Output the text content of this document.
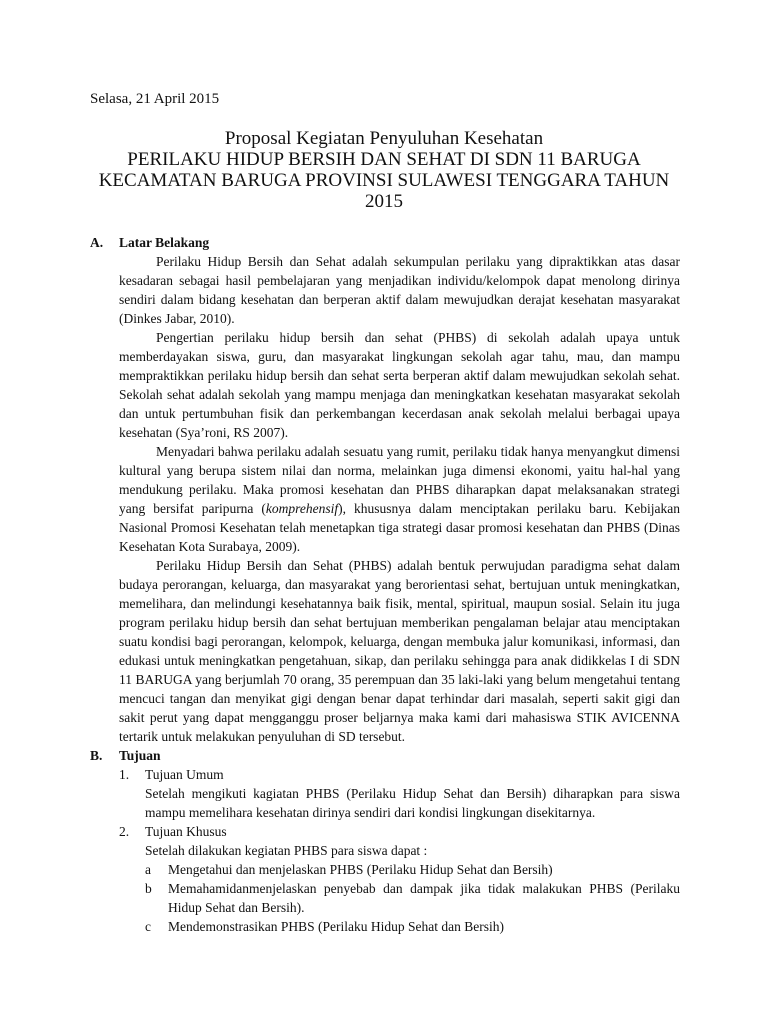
Selasa, 21 April 2015
Proposal Kegiatan Penyuluhan Kesehatan
PERILAKU HIDUP BERSIH DAN SEHAT DI SDN 11 BARUGA KECAMATAN BARUGA PROVINSI SULAWESI TENGGARA TAHUN 2015
A.	Latar Belakang
Perilaku Hidup Bersih dan Sehat adalah sekumpulan perilaku yang dipraktikkan atas dasar kesadaran sebagai hasil pembelajaran yang menjadikan individu/kelompok dapat menolong dirinya sendiri dalam bidang kesehatan dan berperan aktif dalam mewujudkan derajat kesehatan masyarakat (Dinkes Jabar, 2010).
Pengertian perilaku hidup bersih dan sehat (PHBS) di sekolah adalah upaya untuk memberdayakan siswa, guru, dan masyarakat lingkungan sekolah agar tahu, mau, dan mampu mempraktikkan perilaku hidup bersih dan sehat serta berperan aktif dalam mewujudkan sekolah sehat. Sekolah sehat adalah sekolah yang mampu menjaga dan meningkatkan kesehatan masyarakat sekolah dan untuk pertumbuhan fisik dan perkembangan kecerdasan anak sekolah melalui berbagai upaya kesehatan (Sya’roni, RS 2007).
Menyadari bahwa perilaku adalah sesuatu yang rumit, perilaku tidak hanya menyangkut dimensi kultural yang berupa sistem nilai dan norma, melainkan juga dimensi ekonomi, yaitu hal-hal yang mendukung perilaku. Maka promosi kesehatan dan PHBS diharapkan dapat melaksanakan strategi yang bersifat paripurna (komprehensif), khususnya dalam menciptakan perilaku baru. Kebijakan Nasional Promosi Kesehatan telah menetapkan tiga strategi dasar promosi kesehatan dan PHBS (Dinas Kesehatan Kota Surabaya, 2009).
Perilaku Hidup Bersih dan Sehat (PHBS) adalah bentuk perwujudan paradigma sehat dalam budaya perorangan, keluarga, dan masyarakat yang berorientasi sehat, bertujuan untuk meningkatkan, memelihara, dan melindungi kesehatannya baik fisik, mental, spiritual, maupun sosial. Selain itu juga program perilaku hidup bersih dan sehat bertujuan memberikan pengalaman belajar atau menciptakan suatu kondisi bagi perorangan, kelompok, keluarga, dengan membuka jalur komunikasi, informasi, dan edukasi untuk meningkatkan pengetahuan, sikap, dan perilaku sehingga para anak didikkelas I di SDN 11 BARUGA yang berjumlah 70 orang, 35 perempuan dan 35 laki-laki yang belum mengetahui tentang mencuci tangan dan menyikat gigi dengan benar dapat terhindar dari masalah, seperti sakit gigi dan sakit perut yang dapat mengganggu proser beljarnya maka kami dari mahasiswa STIK AVICENNA tertarik untuk melakukan penyuluhan di SD tersebut.
B.	Tujuan
1.	Tujuan Umum
Setelah mengikuti kagiatan PHBS (Perilaku Hidup Sehat dan Bersih) diharapkan para siswa mampu memelihara kesehatan dirinya sendiri dari kondisi lingkungan disekitarnya.
2.	Tujuan Khusus
Setelah dilakukan kegiatan PHBS para siswa dapat :
a	Mengetahui dan menjelaskan PHBS (Perilaku Hidup Sehat dan Bersih)
b	Memahamidanmenjelaskan penyebab dan dampak jika tidak malakukan PHBS (Perilaku Hidup Sehat dan Bersih).
c	Mendemonstrasikan PHBS (Perilaku Hidup Sehat dan Bersih)
